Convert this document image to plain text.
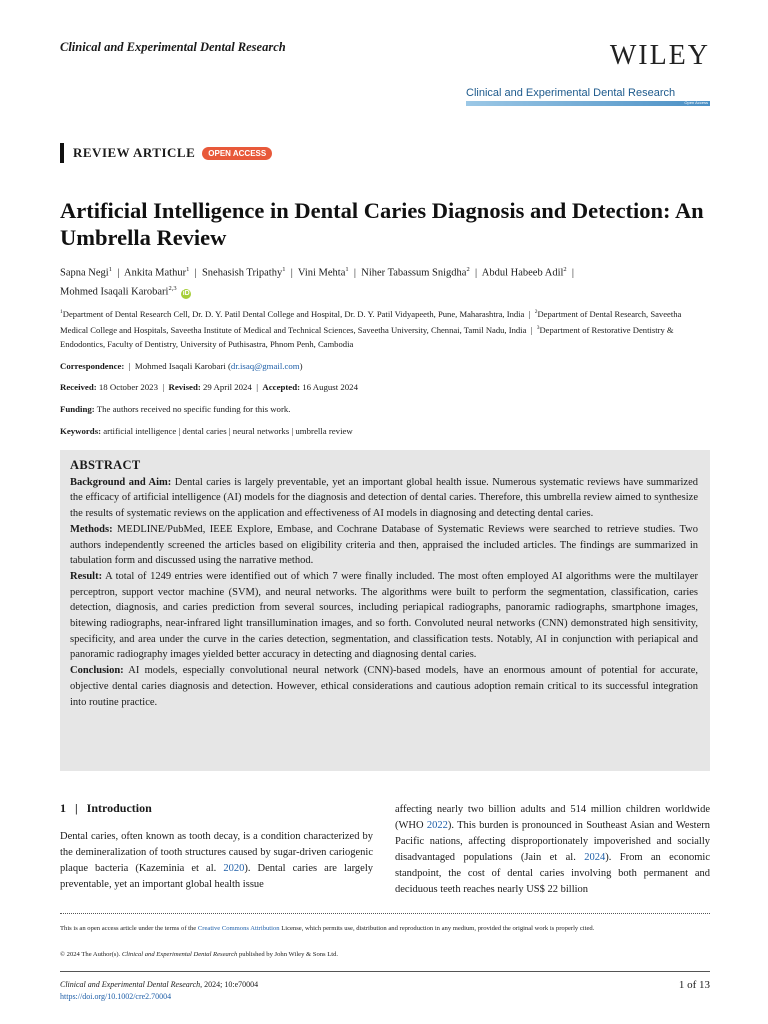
Clinical and Experimental Dental Research	WILEY
Clinical and Experimental Dental Research
Open Access
REVIEW ARTICLE	OPEN ACCESS
Artificial Intelligence in Dental Caries Diagnosis and Detection: An Umbrella Review
Sapna Negi$^1$  |  Ankita Mathur$^1$  |  Snehasish Tripathy$^1$  |  Vini Mehta$^1$  |  Niher Tabassum Snigdha$^2$  |  Abdul Habeeb Adil$^2$  |
Mohmed Isaqali Karobari$^{2,3}$ iD
$^1$Department of Dental Research Cell, Dr. D. Y. Patil Dental College and Hospital, Dr. D. Y. Patil Vidyapeeth, Pune, Maharashtra, India  |  $^2$Department of Dental Research, Saveetha Medical College and Hospitals, Saveetha Institute of Medical and Technical Sciences, Saveetha University, Chennai, Tamil Nadu, India  |  $^3$Department of Restorative Dentistry & Endodontics, Faculty of Dentistry, University of Puthisastra, Phnom Penh, Cambodia
Correspondence:  |  Mohmed Isaqali Karobari (dr.isaq@gmail.com)
Received: 18 October 2023  |  Revised: 29 April 2024  |  Accepted: 16 August 2024
Funding: The authors received no specific funding for this work.
Keywords: artificial intelligence | dental caries | neural networks | umbrella review
ABSTRACT

Background and Aim: Dental caries is largely preventable, yet an important global health issue. Numerous systematic reviews have summarized the efficacy of artificial intelligence (AI) models for the diagnosis and detection of dental caries. Therefore, this umbrella review aimed to synthesize the results of systematic reviews on the application and effectiveness of AI models in diagnosing and detecting dental caries.

Methods: MEDLINE/PubMed, IEEE Explore, Embase, and Cochrane Database of Systematic Reviews were searched to retrieve studies. Two authors independently screened the articles based on eligibility criteria and then, appraised the included articles. The findings are summarized in tabulation form and discussed using the narrative method.

Result: A total of 1249 entries were identified out of which 7 were finally included. The most often employed AI algorithms were the multilayer perceptron, support vector machine (SVM), and neural networks. The algorithms were built to perform the segmentation, classification, caries detection, diagnosis, and caries prediction from several sources, including periapical radiographs, panoramic radiographs, smartphone images, bitewing radiographs, near-infrared light transillumination images, and so forth. Convoluted neural networks (CNN) demonstrated high sensitivity, specificity, and area under the curve in the caries detection, segmentation, and classification tests. Notably, AI in conjunction with periapical and panoramic radiography images yielded better accuracy in detecting and diagnosing dental caries.

Conclusion: AI models, especially convolutional neural network (CNN)-based models, have an enormous amount of potential for accurate, objective dental caries diagnosis and detection. However, ethical considerations and cautious adoption remain critical to its successful integration into routine practice.

1   |   Introduction
Dental caries, often known as tooth decay, is a condition characterized by the demineralization of tooth structures caused by sugar-driven cariogenic plaque bacteria (Kazeminia et al. 2020). Dental caries are largely preventable, yet an important global health issue
affecting nearly two billion adults and 514 million children worldwide (WHO 2022). This burden is pronounced in Southeast Asian and Western Pacific nations, affecting disproportionately impoverished and socially disadvantaged populations (Jain et al. 2024). From an economic standpoint, the cost of dental caries involving both permanent and deciduous teeth reaches nearly US$ 22 billion
This is an open access article under the terms of the Creative Commons Attribution License, which permits use, distribution and reproduction in any medium, provided the original work is properly cited.
© 2024 The Author(s). Clinical and Experimental Dental Research published by John Wiley & Sons Ltd.
Clinical and Experimental Dental Research, 2024; 10:e70004
https://doi.org/10.1002/cre2.70004
1 of 13
